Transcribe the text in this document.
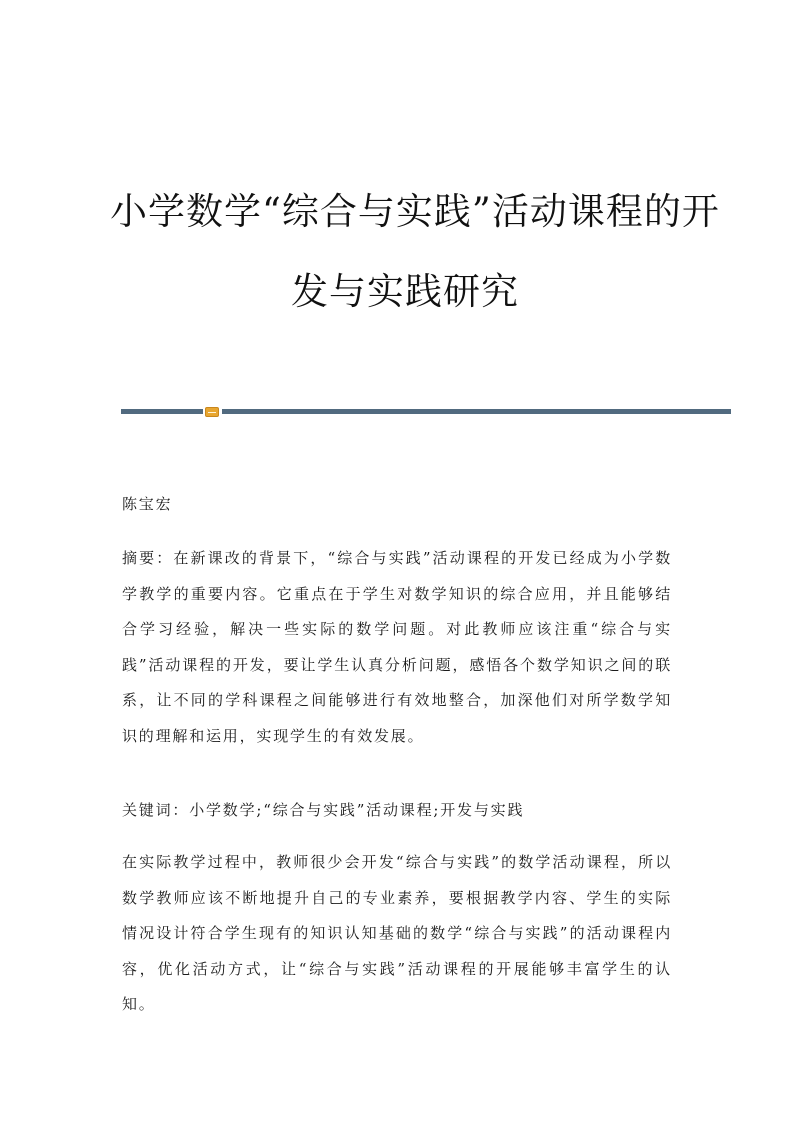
小学数学“综合与实践”活动课程的开
发与实践研究

陈宝宏

摘要：在新课改的背景下，“综合与实践”活动课程的开发已经成为小学数学教学的重要内容。它重点在于学生对数学知识的综合应用，并且能够结合学习经验，解决一些实际的数学问题。对此教师应该注重“综合与实践”活动课程的开发，要让学生认真分析问题，感悟各个数学知识之间的联系，让不同的学科课程之间能够进行有效地整合，加深他们对所学数学知识的理解和运用，实现学生的有效发展。

关键词：小学数学;“综合与实践”活动课程;开发与实践

在实际教学过程中，教师很少会开发“综合与实践”的数学活动课程，所以数学教师应该不断地提升自己的专业素养，要根据教学内容、学生的实际情况设计符合学生现有的知识认知基础的数学“综合与实践”的活动课程内容，优化活动方式，让“综合与实践”活动课程的开展能够丰富学生的认知。
